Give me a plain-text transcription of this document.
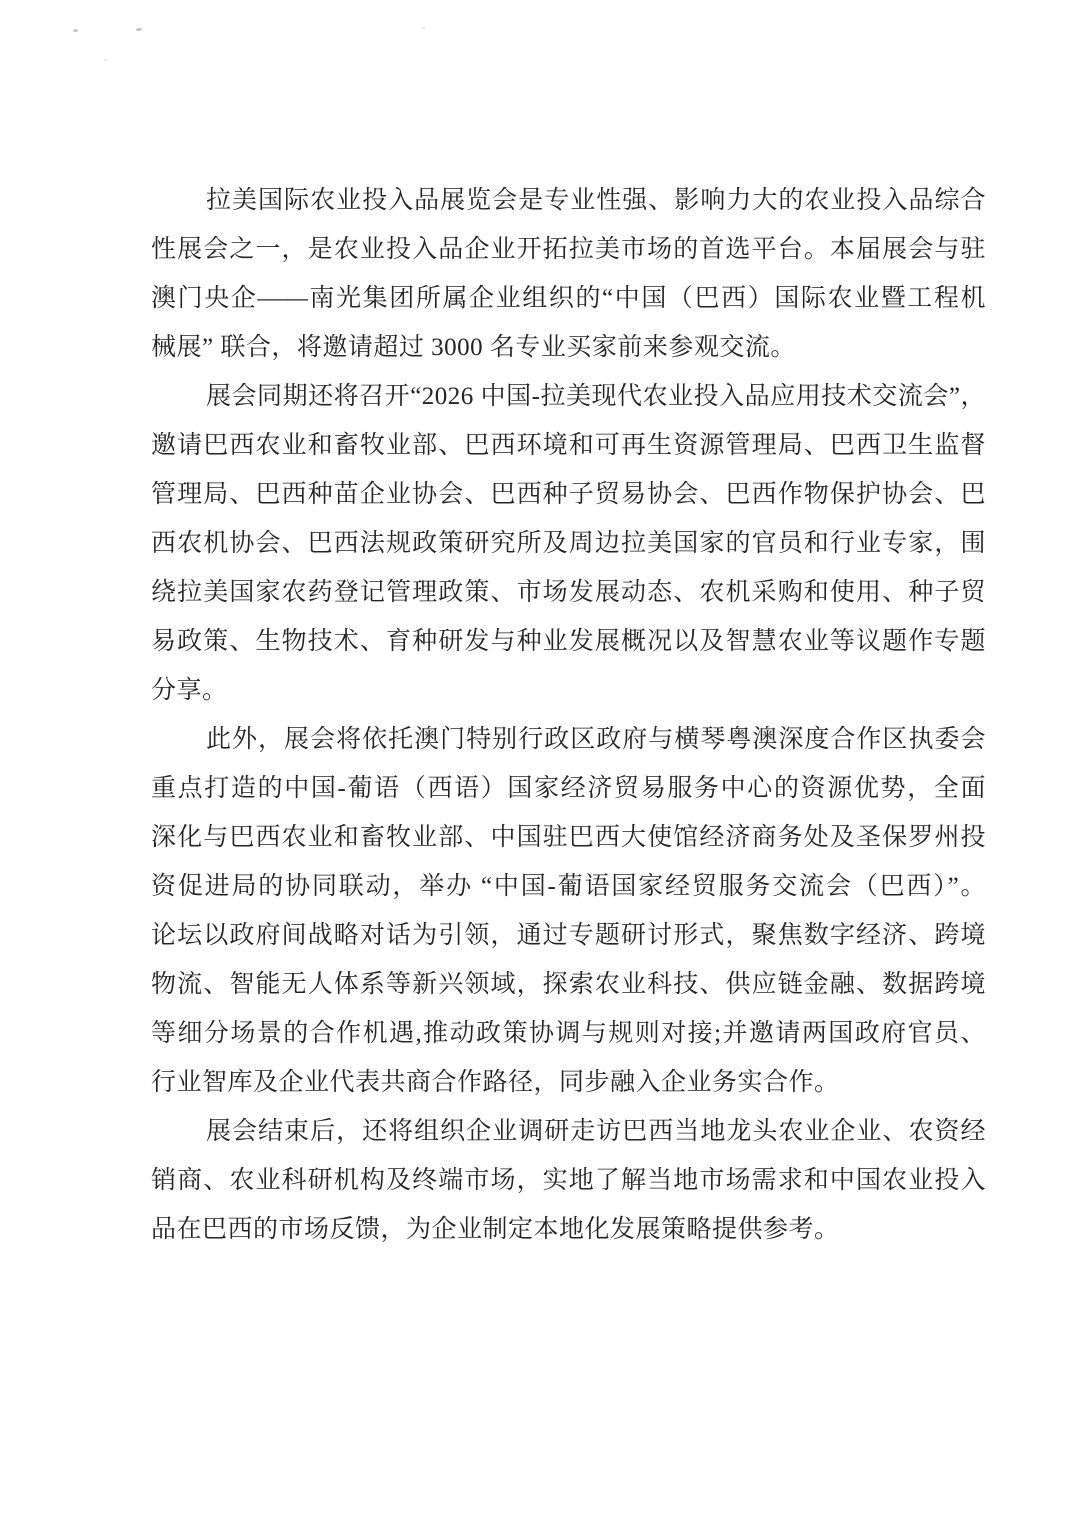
拉美国际农业投入品展览会是专业性强、影响力大的农业投入品综合
性展会之一，是农业投入品企业开拓拉美市场的首选平台。本届展会与驻
澳门央企——南光集团所属企业组织的“中国（巴西）国际农业暨工程机
械展” 联合，将邀请超过 3000 名专业买家前来参观交流。
展会同期还将召开“2026 中国-拉美现代农业投入品应用技术交流会”，
邀请巴西农业和畜牧业部、巴西环境和可再生资源管理局、巴西卫生监督
管理局、巴西种苗企业协会、巴西种子贸易协会、巴西作物保护协会、巴
西农机协会、巴西法规政策研究所及周边拉美国家的官员和行业专家，围
绕拉美国家农药登记管理政策、市场发展动态、农机采购和使用、种子贸
易政策、生物技术、育种研发与种业发展概况以及智慧农业等议题作专题
分享。
此外，展会将依托澳门特别行政区政府与横琴粤澳深度合作区执委会
重点打造的中国-葡语（西语）国家经济贸易服务中心的资源优势，全面
深化与巴西农业和畜牧业部、中国驻巴西大使馆经济商务处及圣保罗州投
资促进局的协同联动，举办 “中国-葡语国家经贸服务交流会（巴西）”。
论坛以政府间战略对话为引领，通过专题研讨形式，聚焦数字经济、跨境
物流、智能无人体系等新兴领域，探索农业科技、供应链金融、数据跨境
等细分场景的合作机遇,推动政策协调与规则对接;并邀请两国政府官员、
行业智库及企业代表共商合作路径，同步融入企业务实合作。
展会结束后，还将组织企业调研走访巴西当地龙头农业企业、农资经
销商、农业科研机构及终端市场，实地了解当地市场需求和中国农业投入
品在巴西的市场反馈，为企业制定本地化发展策略提供参考。
